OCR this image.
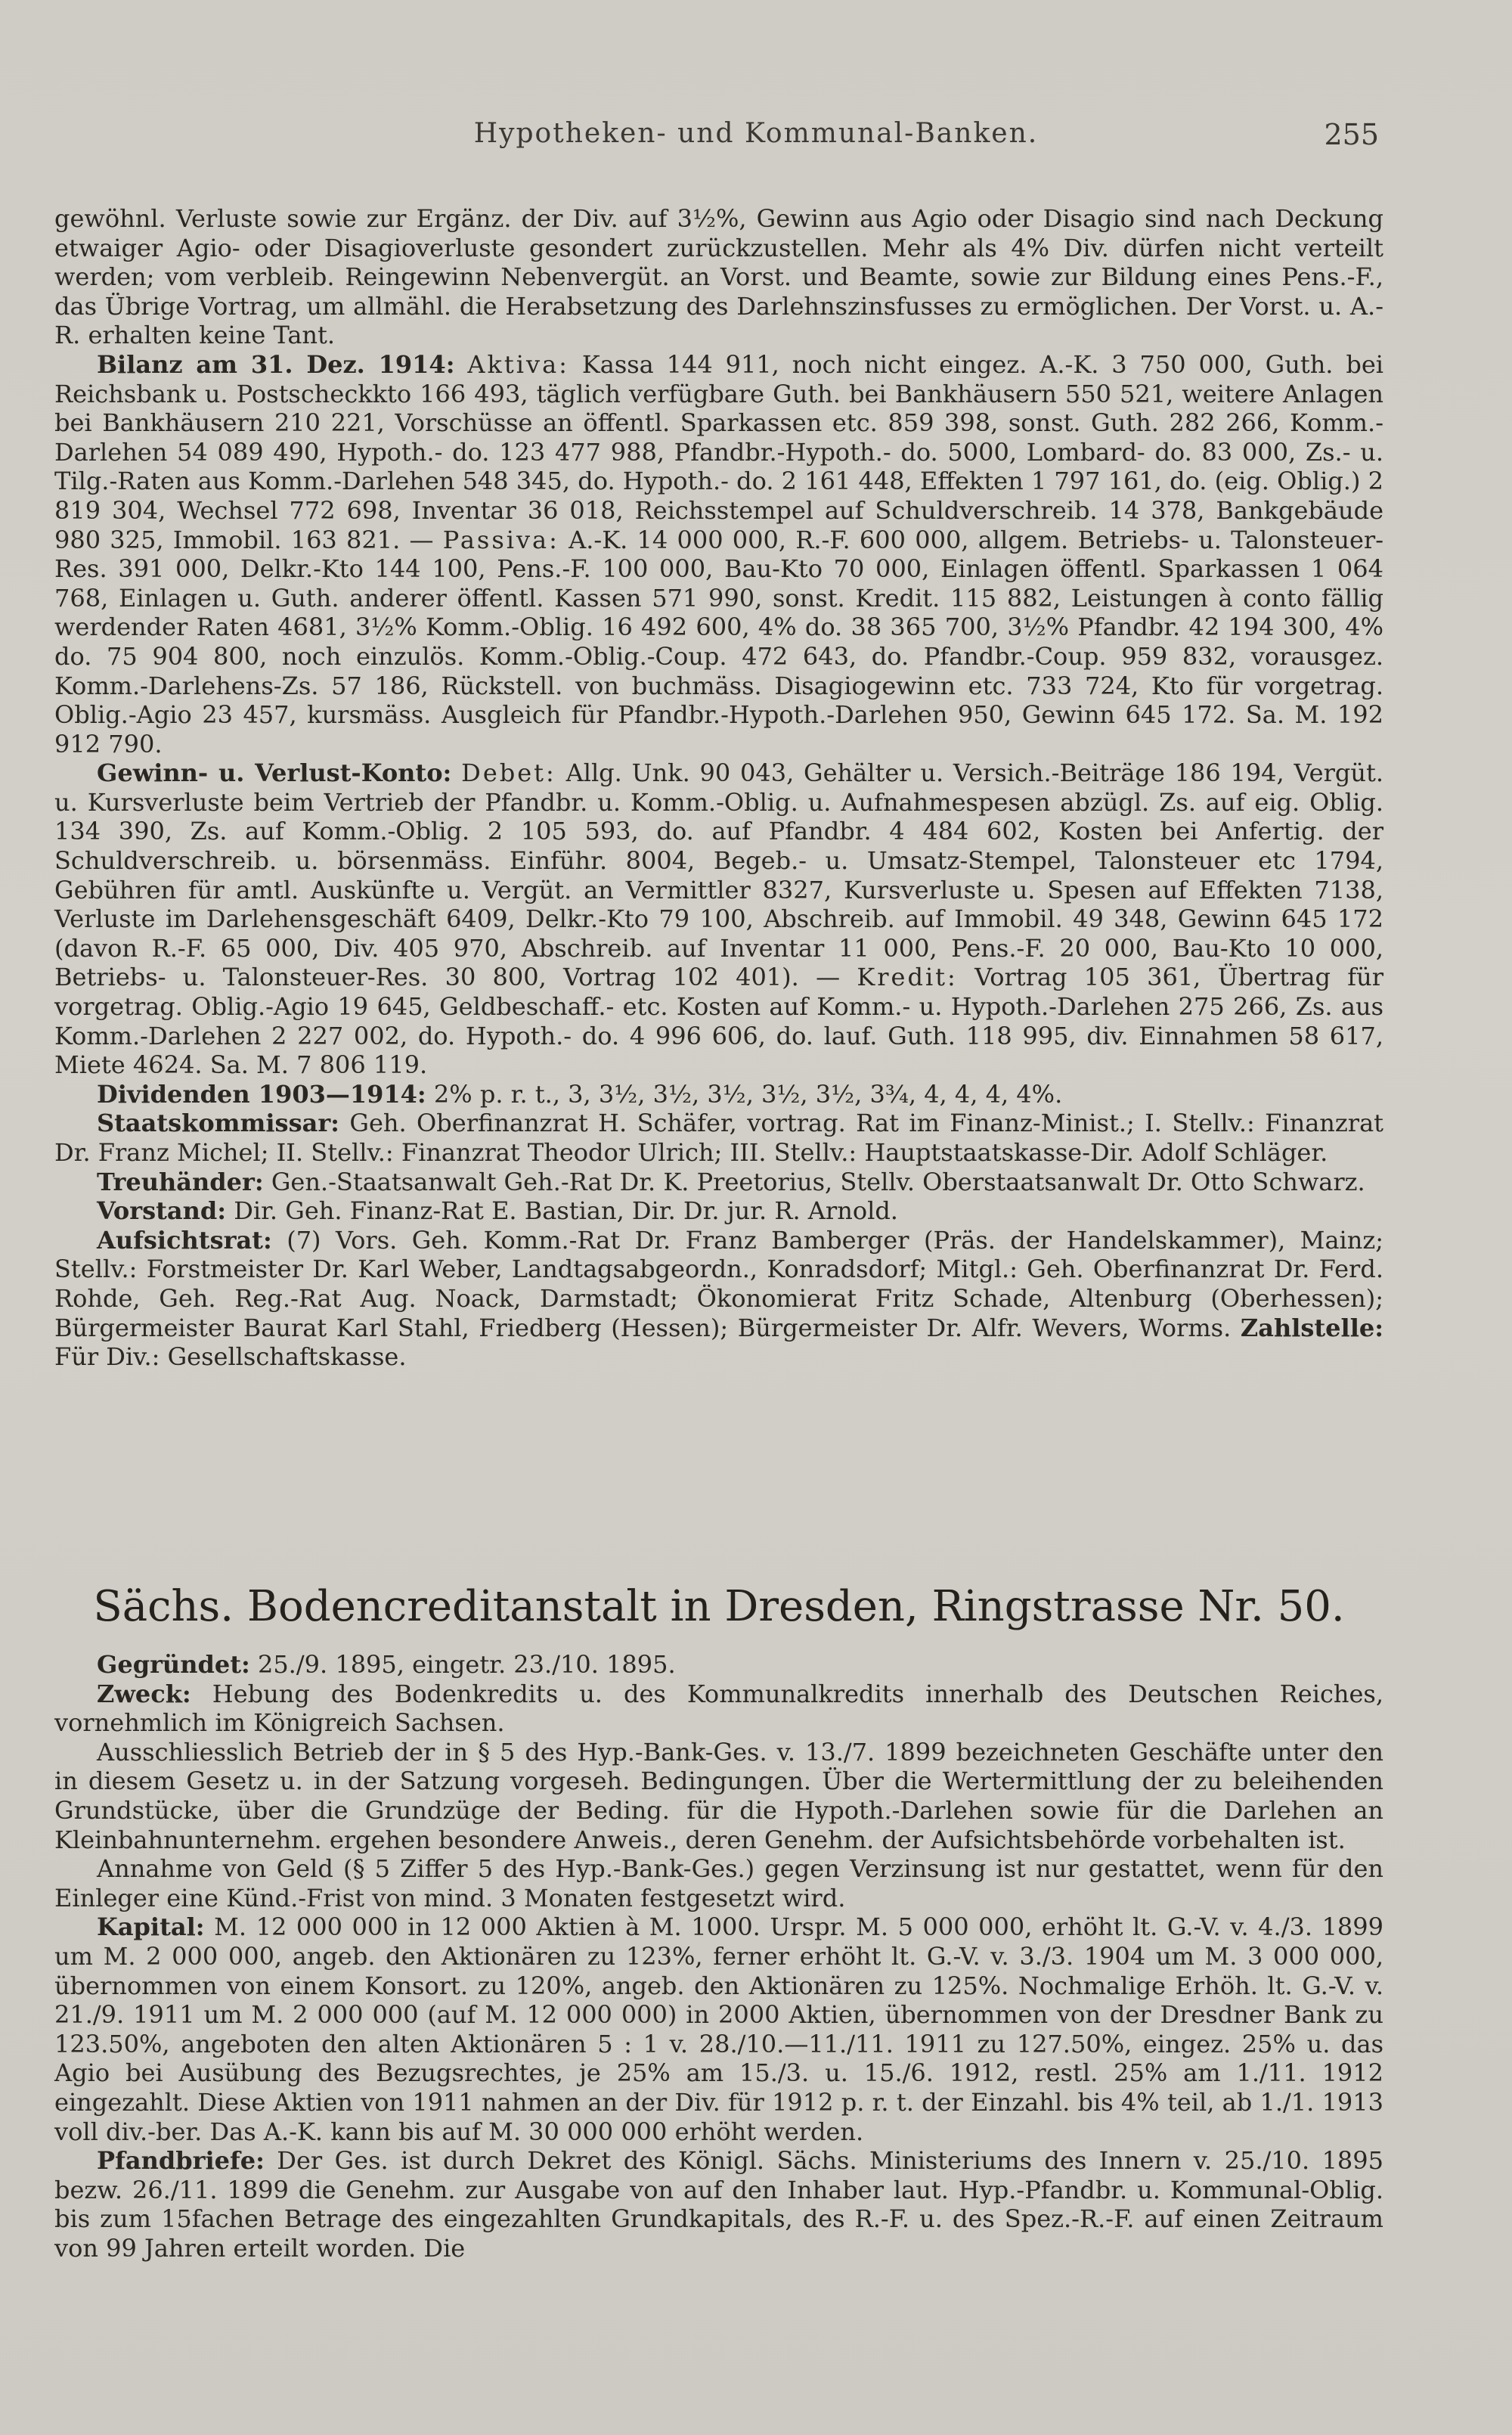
Hypotheken- und Kommunal-Banken.	255

gewöhnl. Verluste sowie zur Ergänz. der Div. auf 3½%, Gewinn aus Agio oder Disagio sind nach Deckung etwaiger Agio- oder Disagioverluste gesondert zurückzustellen. Mehr als 4% Div. dürfen nicht verteilt werden; vom verbleib. Reingewinn Nebenvergüt. an Vorst. und Beamte, sowie zur Bildung eines Pens.-F., das Übrige Vortrag, um allmähl. die Herabsetzung des Darlehnszinsfusses zu ermöglichen. Der Vorst. u. A.-R. erhalten keine Tant.

Bilanz am 31. Dez. 1914: Aktiva: Kassa 144 911, noch nicht eingez. A.-K. 3 750 000, Guth. bei Reichsbank u. Postscheckkto 166 493, täglich verfügbare Guth. bei Bankhäusern 550 521, weitere Anlagen bei Bankhäusern 210 221, Vorschüsse an öffentl. Sparkassen etc. 859 398, sonst. Guth. 282 266, Komm.-Darlehen 54 089 490, Hypoth.- do. 123 477 988, Pfandbr.-Hypoth.- do. 5000, Lombard- do. 83 000, Zs.- u. Tilg.-Raten aus Komm.-Darlehen 548 345, do. Hypoth.- do. 2 161 448, Effekten 1 797 161, do. (eig. Oblig.) 2 819 304, Wechsel 772 698, Inventar 36 018, Reichsstempel auf Schuldverschreib. 14 378, Bankgebäude 980 325, Immobil. 163 821. — Passiva: A.-K. 14 000 000, R.-F. 600 000, allgem. Betriebs- u. Talonsteuer-Res. 391 000, Delkr.-Kto 144 100, Pens.-F. 100 000, Bau-Kto 70 000, Einlagen öffentl. Sparkassen 1 064 768, Einlagen u. Guth. anderer öffentl. Kassen 571 990, sonst. Kredit. 115 882, Leistungen à conto fällig werdender Raten 4681, 3½% Komm.-Oblig. 16 492 600, 4% do. 38 365 700, 3½% Pfandbr. 42 194 300, 4% do. 75 904 800, noch einzulös. Komm.-Oblig.-Coup. 472 643, do. Pfandbr.-Coup. 959 832, vorausgez. Komm.-Darlehens-Zs. 57 186, Rückstell. von buchmäss. Disagiogewinn etc. 733 724, Kto für vorgetrag. Oblig.-Agio 23 457, kursmäss. Ausgleich für Pfandbr.-Hypoth.-Darlehen 950, Gewinn 645 172. Sa. M. 192 912 790.

Gewinn- u. Verlust-Konto: Debet: Allg. Unk. 90 043, Gehälter u. Versich.-Beiträge 186 194, Vergüt. u. Kursverluste beim Vertrieb der Pfandbr. u. Komm.-Oblig. u. Aufnahmespesen abzügl. Zs. auf eig. Oblig. 134 390, Zs. auf Komm.-Oblig. 2 105 593, do. auf Pfandbr. 4 484 602, Kosten bei Anfertig. der Schuldverschreib. u. börsenmäss. Einführ. 8004, Begeb.- u. Umsatz-Stempel, Talonsteuer etc 1794, Gebühren für amtl. Auskünfte u. Vergüt. an Vermittler 8327, Kursverluste u. Spesen auf Effekten 7138, Verluste im Darlehensgeschäft 6409, Delkr.-Kto 79 100, Abschreib. auf Immobil. 49 348, Gewinn 645 172 (davon R.-F. 65 000, Div. 405 970, Abschreib. auf Inventar 11 000, Pens.-F. 20 000, Bau-Kto 10 000, Betriebs- u. Talonsteuer-Res. 30 800, Vortrag 102 401). — Kredit: Vortrag 105 361, Übertrag für vorgetrag. Oblig.-Agio 19 645, Geldbeschaff.- etc. Kosten auf Komm.- u. Hypoth.-Darlehen 275 266, Zs. aus Komm.-Darlehen 2 227 002, do. Hypoth.- do. 4 996 606, do. lauf. Guth. 118 995, div. Einnahmen 58 617, Miete 4624. Sa. M. 7 806 119.

Dividenden 1903—1914: 2% p. r. t., 3, 3½, 3½, 3½, 3½, 3½, 3¾, 4, 4, 4, 4%.

Staatskommissar: Geh. Oberfinanzrat H. Schäfer, vortrag. Rat im Finanz-Minist.; I. Stellv.: Finanzrat Dr. Franz Michel; II. Stellv.: Finanzrat Theodor Ulrich; III. Stellv.: Hauptstaatskasse-Dir. Adolf Schläger.

Treuhänder: Gen.-Staatsanwalt Geh.-Rat Dr. K. Preetorius, Stellv. Oberstaatsanwalt Dr. Otto Schwarz.

Vorstand: Dir. Geh. Finanz-Rat E. Bastian, Dir. Dr. jur. R. Arnold.

Aufsichtsrat: (7) Vors. Geh. Komm.-Rat Dr. Franz Bamberger (Präs. der Handelskammer), Mainz; Stellv.: Forstmeister Dr. Karl Weber, Landtagsabgeordn., Konradsdorf; Mitgl.: Geh. Oberfinanzrat Dr. Ferd. Rohde, Geh. Reg.-Rat Aug. Noack, Darmstadt; Ökonomierat Fritz Schade, Altenburg (Oberhessen); Bürgermeister Baurat Karl Stahl, Friedberg (Hessen); Bürgermeister Dr. Alfr. Wevers, Worms. Zahlstelle: Für Div.: Gesellschaftskasse.

Sächs. Bodencreditanstalt in Dresden, Ringstrasse Nr. 50.

Gegründet: 25./9. 1895, eingetr. 23./10. 1895.

Zweck: Hebung des Bodenkredits u. des Kommunalkredits innerhalb des Deutschen Reiches, vornehmlich im Königreich Sachsen.

Ausschliesslich Betrieb der in § 5 des Hyp.-Bank-Ges. v. 13./7. 1899 bezeichneten Geschäfte unter den in diesem Gesetz u. in der Satzung vorgeseh. Bedingungen. Über die Wertermittlung der zu beleihenden Grundstücke, über die Grundzüge der Beding. für die Hypoth.-Darlehen sowie für die Darlehen an Kleinbahnunternehm. ergehen besondere Anweis., deren Genehm. der Aufsichtsbehörde vorbehalten ist.

Annahme von Geld (§ 5 Ziffer 5 des Hyp.-Bank-Ges.) gegen Verzinsung ist nur gestattet, wenn für den Einleger eine Künd.-Frist von mind. 3 Monaten festgesetzt wird.

Kapital: M. 12 000 000 in 12 000 Aktien à M. 1000. Urspr. M. 5 000 000, erhöht lt. G.-V. v. 4./3. 1899 um M. 2 000 000, angeb. den Aktionären zu 123%, ferner erhöht lt. G.-V. v. 3./3. 1904 um M. 3 000 000, übernommen von einem Konsort. zu 120%, angeb. den Aktionären zu 125%. Nochmalige Erhöh. lt. G.-V. v. 21./9. 1911 um M. 2 000 000 (auf M. 12 000 000) in 2000 Aktien, übernommen von der Dresdner Bank zu 123.50%, angeboten den alten Aktionären 5 : 1 v. 28./10.—11./11. 1911 zu 127.50%, eingez. 25% u. das Agio bei Ausübung des Bezugsrechtes, je 25% am 15./3. u. 15./6. 1912, restl. 25% am 1./11. 1912 eingezahlt. Diese Aktien von 1911 nahmen an der Div. für 1912 p. r. t. der Einzahl. bis 4% teil, ab 1./1. 1913 voll div.-ber. Das A.-K. kann bis auf M. 30 000 000 erhöht werden.

Pfandbriefe: Der Ges. ist durch Dekret des Königl. Sächs. Ministeriums des Innern v. 25./10. 1895 bezw. 26./11. 1899 die Genehm. zur Ausgabe von auf den Inhaber laut. Hyp.-Pfandbr. u. Kommunal-Oblig. bis zum 15fachen Betrage des eingezahlten Grundkapitals, des R.-F. u. des Spez.-R.-F. auf einen Zeitraum von 99 Jahren erteilt worden. Die
